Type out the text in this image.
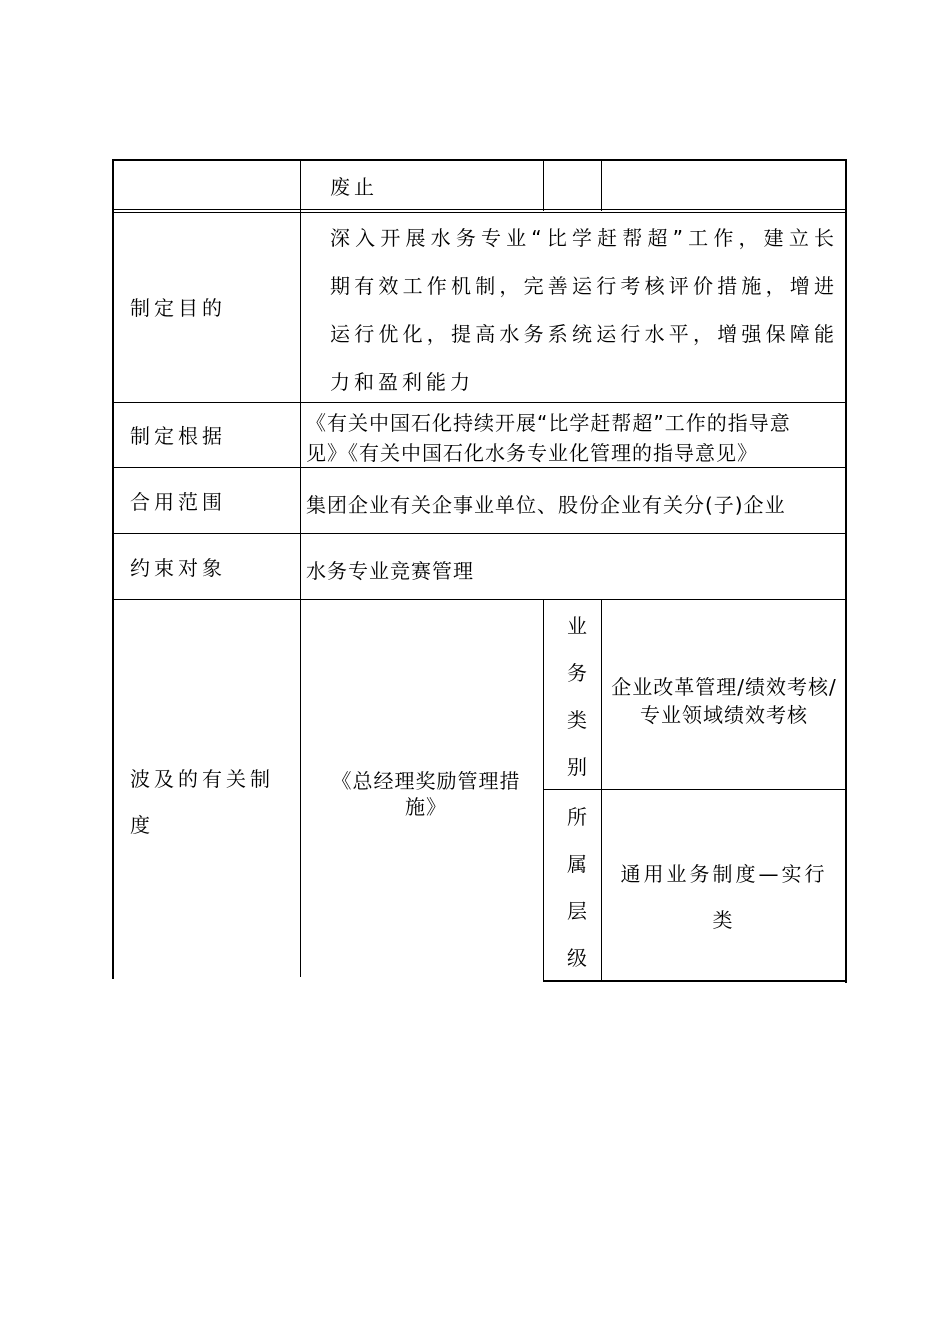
废止
制定目的
深入开展水务专业“比学赶帮超”工作，建立长期有效工作机制，完善运行考核评价措施，增进运行优化，提高水务系统运行水平，增强保障能力和盈利能力
制定根据
《有关中国石化持续开展“比学赶帮超”工作的指导意
见》《有关中国石化水务专业化管理的指导意见》
合用范围	集团企业有关企事业单位、股份企业有关分(子)企业
约束对象	水务专业竞赛管理
波及的有关制度
《总经理奖励管理措施》
业务类别
企业改革管理/绩效考核/专业领域绩效考核
所属层级
通用业务制度—实行类
